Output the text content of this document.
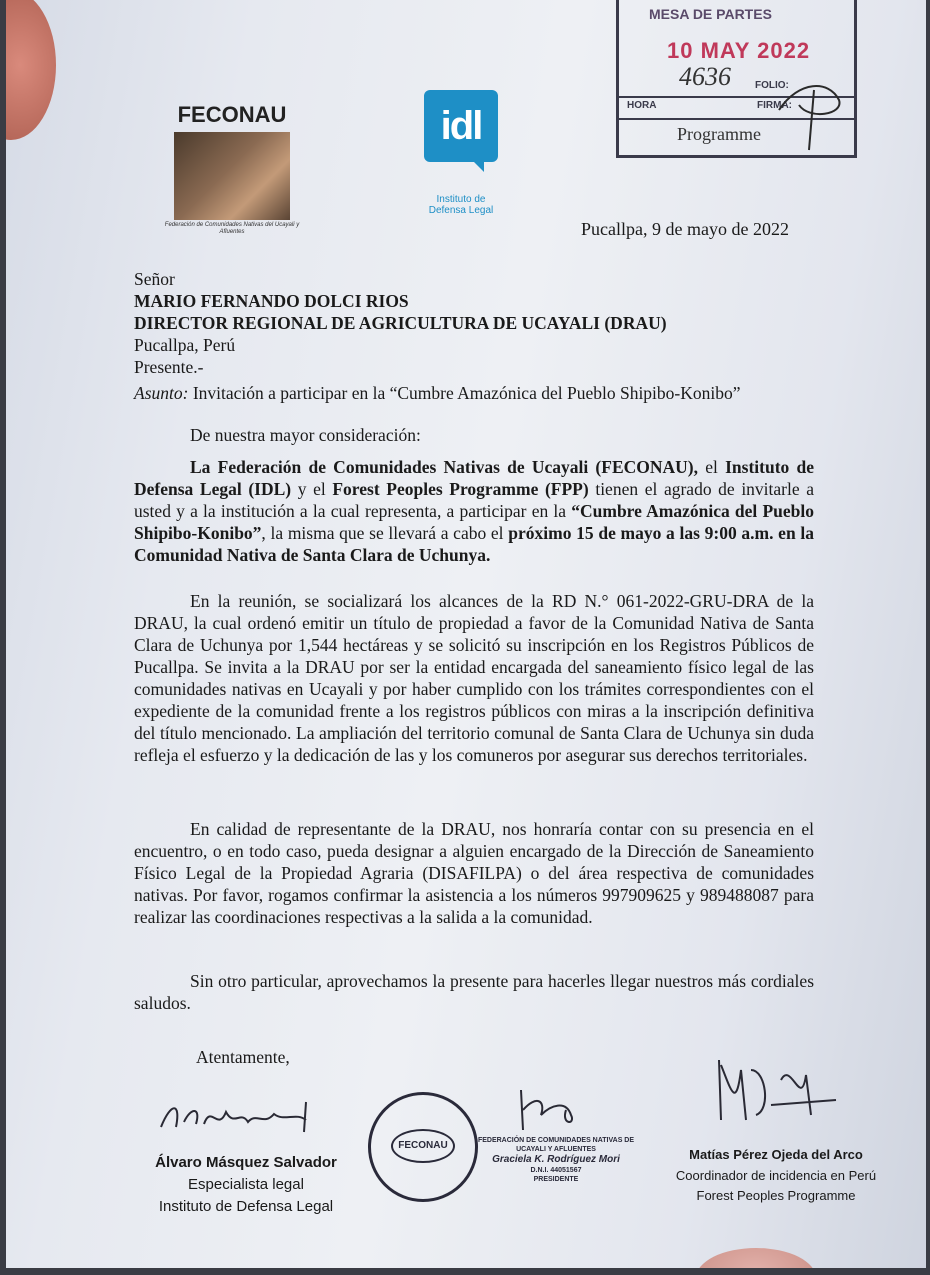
FECONAU
Federación de Comunidades Nativas del Ucayali y Afluentes
idl
Instituto de
Defensa Legal
MESA DE PARTES
10 MAY 2022
4636 FOLIO:
HORA	FIRMA:
Programme
Pucallpa, 9 de mayo de 2022
Señor
MARIO FERNANDO DOLCI RIOS
DIRECTOR REGIONAL DE AGRICULTURA DE UCAYALI (DRAU)
Pucallpa, Perú
Presente.-
Asunto: Invitación a participar en la “Cumbre Amazónica del Pueblo Shipibo-Konibo”
De nuestra mayor consideración:
La Federación de Comunidades Nativas de Ucayali (FECONAU), el Instituto de Defensa Legal (IDL) y el Forest Peoples Programme (FPP) tienen el agrado de invitarle a usted y a la institución a la cual representa, a participar en la “Cumbre Amazónica del Pueblo Shipibo-Konibo”, la misma que se llevará a cabo el próximo 15 de mayo a las 9:00 a.m. en la Comunidad Nativa de Santa Clara de Uchunya.
En la reunión, se socializará los alcances de la RD N.° 061-2022-GRU-DRA de la DRAU, la cual ordenó emitir un título de propiedad a favor de la Comunidad Nativa de Santa Clara de Uchunya por 1,544 hectáreas y se solicitó su inscripción en los Registros Públicos de Pucallpa. Se invita a la DRAU por ser la entidad encargada del saneamiento físico legal de las comunidades nativas en Ucayali y por haber cumplido con los trámites correspondientes con el expediente de la comunidad frente a los registros públicos con miras a la inscripción definitiva del título mencionado. La ampliación del territorio comunal de Santa Clara de Uchunya sin duda refleja el esfuerzo y la dedicación de las y los comuneros por asegurar sus derechos territoriales.
En calidad de representante de la DRAU, nos honraría contar con su presencia en el encuentro, o en todo caso, pueda designar a alguien encargado de la Dirección de Saneamiento Físico Legal de la Propiedad Agraria (DISAFILPA) o del área respectiva de comunidades nativas. Por favor, rogamos confirmar la asistencia a los números 997909625 y 989488087 para realizar las coordinaciones respectivas a la salida a la comunidad.
Sin otro particular, aprovechamos la presente para hacerles llegar nuestros más cordiales saludos.
Atentamente,
Álvaro Másquez Salvador
Especialista legal
Instituto de Defensa Legal
FECONAU	FEDERACIÓN DE COMUNIDADES NATIVAS DE UCAYALI Y AFLUENTES
Graciela K. Rodríguez Mori
D.N.I. 44051567
PRESIDENTE
Matías Pérez Ojeda del Arco
Coordinador de incidencia en Perú
Forest Peoples Programme
